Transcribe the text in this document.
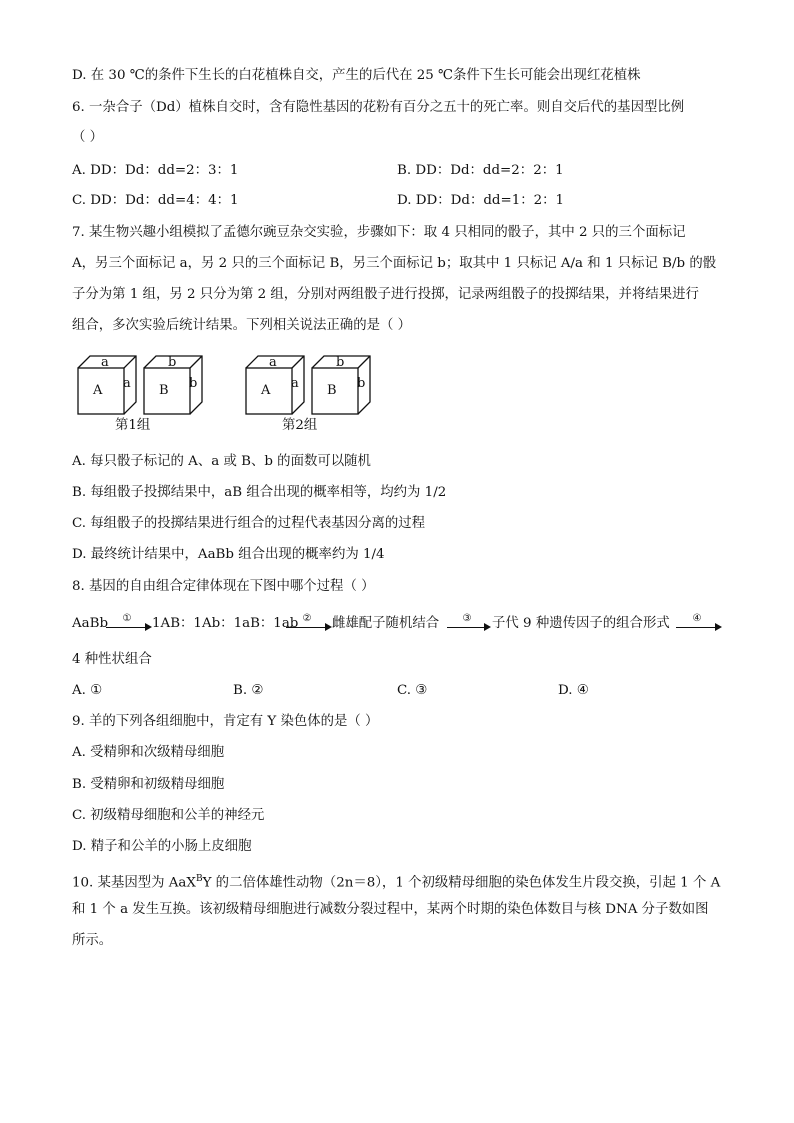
D. 在 30 ℃的条件下生长的白花植株自交，产生的后代在 25 ℃条件下生长可能会出现红花植株
6. 一杂合子（Dd）植株自交时，含有隐性基因的花粉有百分之五十的死亡率。则自交后代的基因型比例
（ ）
A. DD：Dd：dd=2：3：1	B. DD：Dd：dd=2：2：1
C. DD：Dd：dd=4：4：1	D. DD：Dd：dd=1：2：1
7. 某生物兴趣小组模拟了孟德尔豌豆杂交实验，步骤如下：取 4 只相同的骰子，其中 2 只的三个面标记
A，另三个面标记 a，另 2 只的三个面标记 B，另三个面标记 b；取其中 1 只标记 A/a 和 1 只标记 B/b 的骰
子分为第 1 组，另 2 只分为第 2 组，分别对两组骰子进行投掷，记录两组骰子的投掷结果，并将结果进行
组合，多次实验后统计结果。下列相关说法正确的是（ ）
A
a
a B
b
b	A
a
a B
b
b
第1组	第2组
A. 每只骰子标记的 A、a 或 B、b 的面数可以随机
B. 每组骰子投掷结果中，aB 组合出现的概率相等，均约为 1/2
C. 每组骰子的投掷结果进行组合的过程代表基因分离的过程
D. 最终统计结果中，AaBb 组合出现的概率约为 1/4
8. 基因的自由组合定律体现在下图中哪个过程（ ）
AaBb	①	1AB：1Ab：1aB：1ab ②	雌雄配子随机结合	③	子代 9 种遗传因子的组合形式	④
4 种性状组合
A. ①	B. ②	C. ③	D. ④
9. 羊的下列各组细胞中，肯定有 Y 染色体的是（ ）
A. 受精卵和次级精母细胞
B. 受精卵和初级精母细胞
C. 初级精母细胞和公羊的神经元
D. 精子和公羊的小肠上皮细胞
10. 某基因型为 AaX$^B$Y 的二倍体雄性动物（2n＝8），1 个初级精母细胞的染色体发生片段交换，引起 1 个 A
和 1 个 a 发生互换。该初级精母细胞进行减数分裂过程中，某两个时期的染色体数目与核 DNA 分子数如图
所示。
